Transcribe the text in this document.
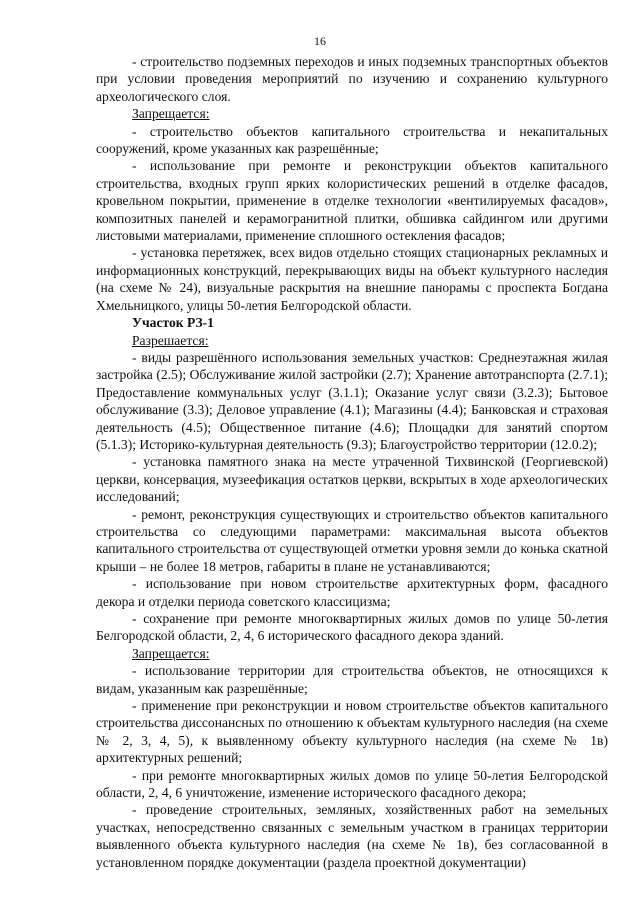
16

- строительство подземных переходов и иных подземных транспортных объектов при условии проведения мероприятий по изучению и сохранению культурного археологического слоя.

Запрещается:

- строительство объектов капитального строительства и некапитальных сооружений, кроме указанных как разрешённые;

- использование при ремонте и реконструкции объектов капитального строительства, входных групп ярких колористических решений в отделке фасадов, кровельном покрытии, применение в отделке технологии «вентилируемых фасадов», композитных панелей и керамогранитной плитки, обшивка сайдингом или другими листовыми материалами, применение сплошного остекления фасадов;

- установка перетяжек, всех видов отдельно стоящих стационарных рекламных и информационных конструкций, перекрывающих виды на объект культурного наследия (на схеме № 24), визуальные раскрытия на внешние панорамы с проспекта Богдана Хмельницкого, улицы 50-летия Белгородской области.

Участок РЗ-1

Разрешается:

- виды разрешённого использования земельных участков: Среднеэтажная жилая застройка (2.5); Обслуживание жилой застройки (2.7); Хранение автотранспорта (2.7.1); Предоставление коммунальных услуг (3.1.1); Оказание услуг связи (3.2.3); Бытовое обслуживание (3.3); Деловое управление (4.1); Магазины (4.4); Банковская и страховая деятельность (4.5); Общественное питание (4.6); Площадки для занятий спортом (5.1.3); Историко-культурная деятельность (9.3); Благоустройство территории (12.0.2);

- установка памятного знака на месте утраченной Тихвинской (Георгиевской) церкви, консервация, музеефикация остатков церкви, вскрытых в ходе археологических исследований;

- ремонт, реконструкция существующих и строительство объектов капитального строительства со следующими параметрами: максимальная высота объектов капитального строительства от существующей отметки уровня земли до конька скатной крыши – не более 18 метров, габариты в плане не устанавливаются;

- использование при новом строительстве архитектурных форм, фасадного декора и отделки периода советского классицизма;

- сохранение при ремонте многоквартирных жилых домов по улице 50-летия Белгородской области, 2, 4, 6 исторического фасадного декора зданий.

Запрещается:

- использование территории для строительства объектов, не относящихся к видам, указанным как разрешённые;

- применение при реконструкции и новом строительстве объектов капитального строительства диссонансных по отношению к объектам культурного наследия (на схеме № 2, 3, 4, 5), к выявленному объекту культурного наследия (на схеме № 1в) архитектурных решений;

- при ремонте многоквартирных жилых домов по улице 50-летия Белгородской области, 2, 4, 6 уничтожение, изменение исторического фасадного декора;

- проведение строительных, земляных, хозяйственных работ на земельных участках, непосредственно связанных с земельным участком в границах территории выявленного объекта культурного наследия (на схеме № 1в), без согласованной в установленном порядке документации (раздела проектной документации)
